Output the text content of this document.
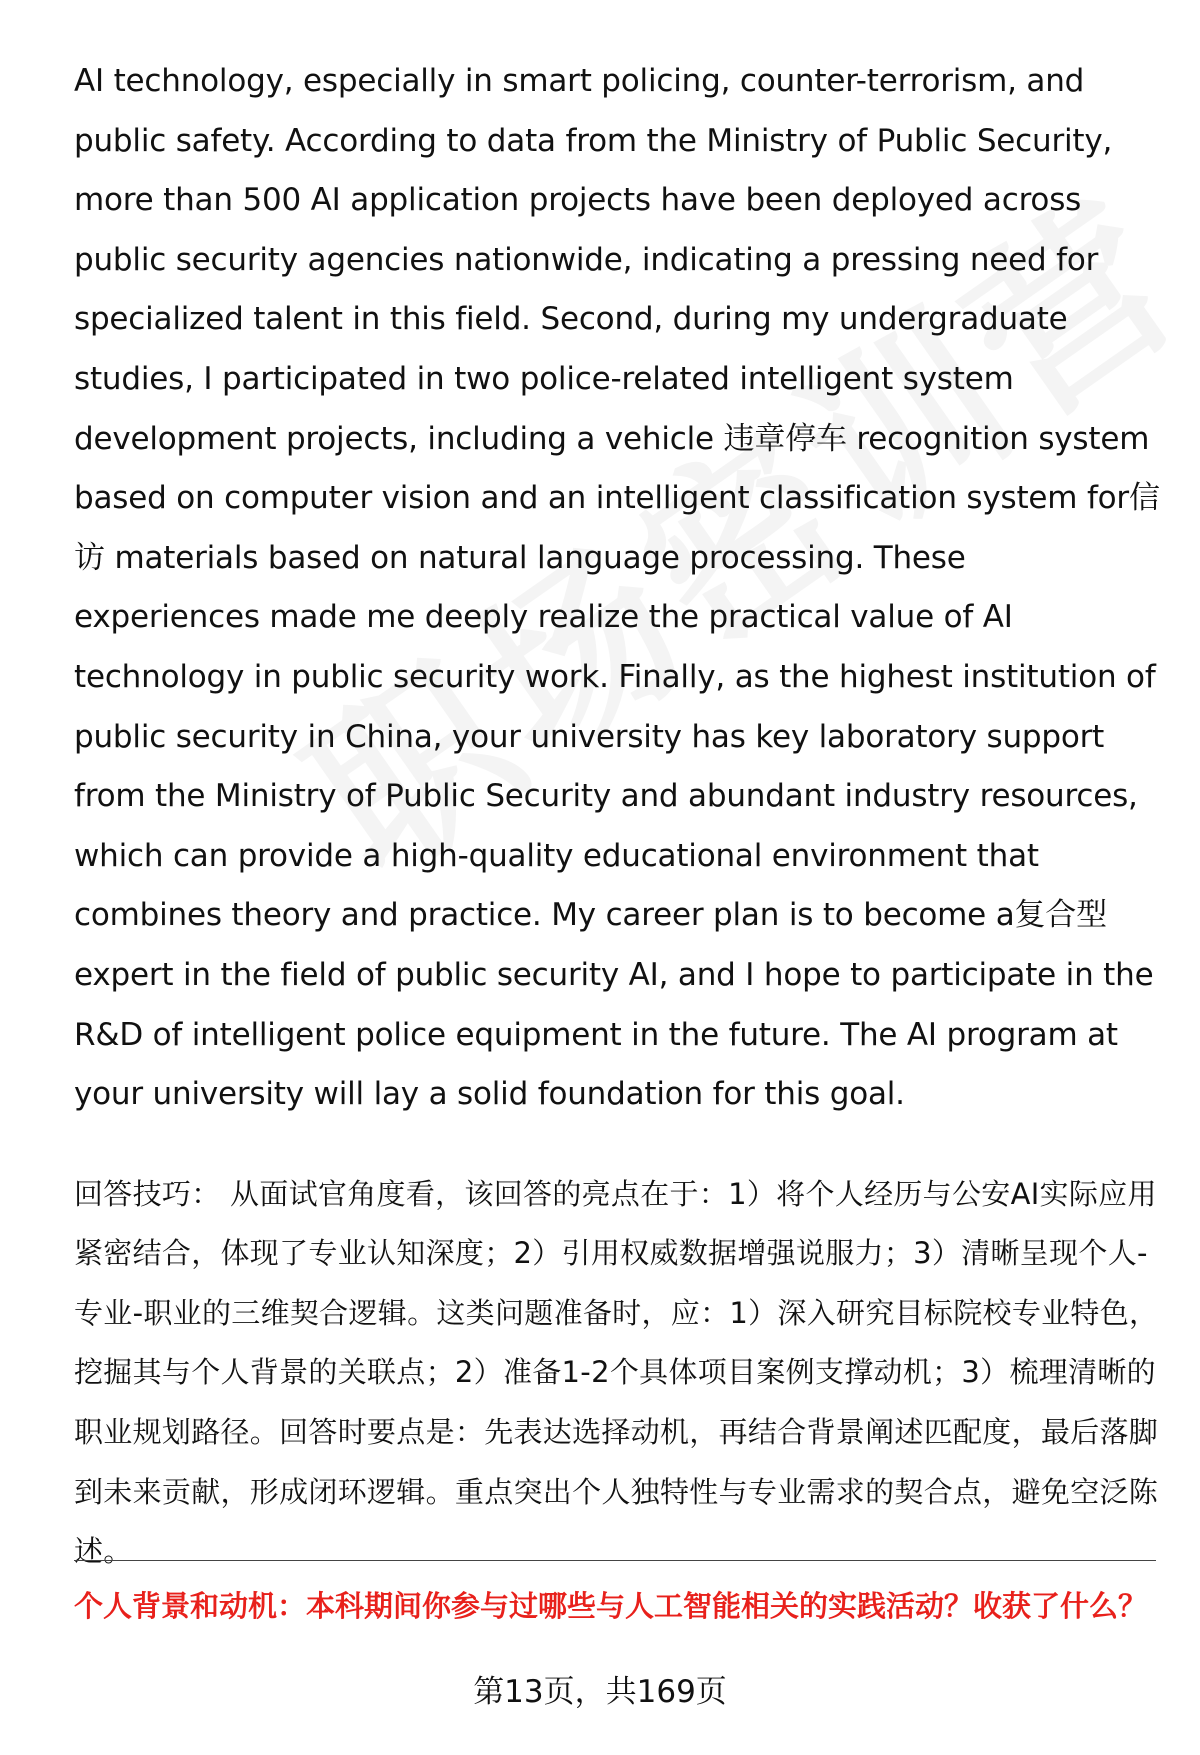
AI technology, especially in smart policing, counter-terrorism, and public safety. According to data from the Ministry of Public Security, more than 500 AI application projects have been deployed across public security agencies nationwide, indicating a pressing need for specialized talent in this field. Second, during my undergraduate studies, I participated in two police-related intelligent system development projects, including a vehicle 违章停车 recognition system based on computer vision and an intelligent classification system for信访 materials based on natural language processing. These experiences made me deeply realize the practical value of AI technology in public security work. Finally, as the highest institution of public security in China, your university has key laboratory support from the Ministry of Public Security and abundant industry resources, which can provide a high-quality educational environment that combines theory and practice. My career plan is to become a复合型 expert in the field of public security AI, and I hope to participate in the R&D of intelligent police equipment in the future. The AI program at your university will lay a solid foundation for this goal.

回答技巧： 从面试官角度看，该回答的亮点在于：1）将个人经历与公安AI实际应用紧密结合，体现了专业认知深度；2）引用权威数据增强说服力；3）清晰呈现个人-专业-职业的三维契合逻辑。这类问题准备时，应：1）深入研究目标院校专业特色，挖掘其与个人背景的关联点；2）准备1-2个具体项目案例支撑动机；3）梳理清晰的职业规划路径。回答时要点是：先表达选择动机，再结合背景阐述匹配度，最后落脚到未来贡献，形成闭环逻辑。重点突出个人独特性与专业需求的契合点，避免空泛陈述。

个人背景和动机：本科期间你参与过哪些与人工智能相关的实践活动？收获了什么？

第13页，共169页
